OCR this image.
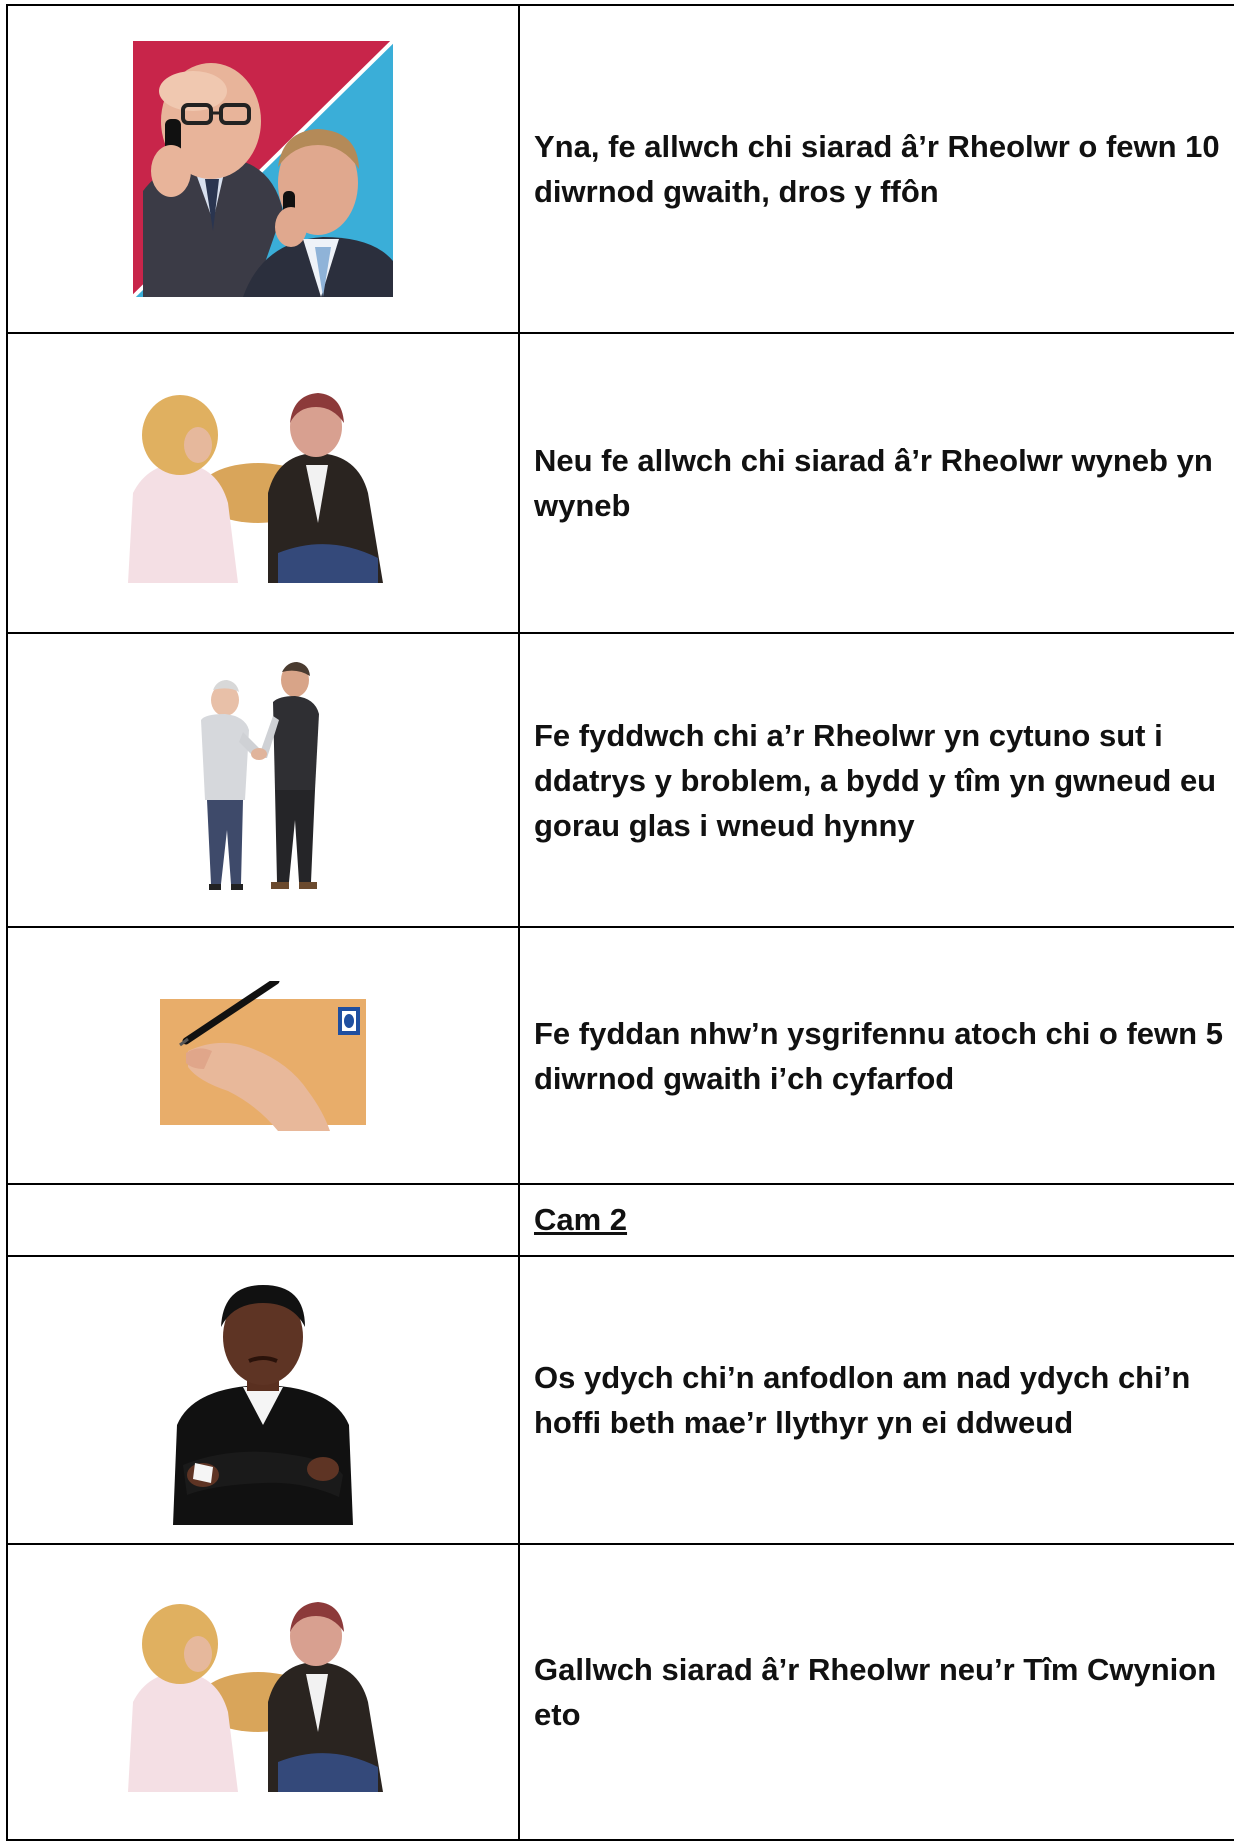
Yna, fe allwch chi siarad â’r Rheolwr o fewn 10 diwrnod gwaith, dros y ffôn

Neu fe allwch chi siarad â’r Rheolwr wyneb yn wyneb

Fe fyddwch chi a’r Rheolwr yn cytuno sut i ddatrys y broblem, a bydd y tîm yn gwneud eu gorau glas i wneud hynny

Fe fyddan nhw’n ysgrifennu atoch chi o fewn 5 diwrnod gwaith i’ch cyfarfod

	Cam 2

Os ydych chi’n anfodlon am nad ydych chi’n hoffi beth mae’r llythyr yn ei ddweud

Gallwch siarad â’r Rheolwr neu’r Tîm Cwynion eto
